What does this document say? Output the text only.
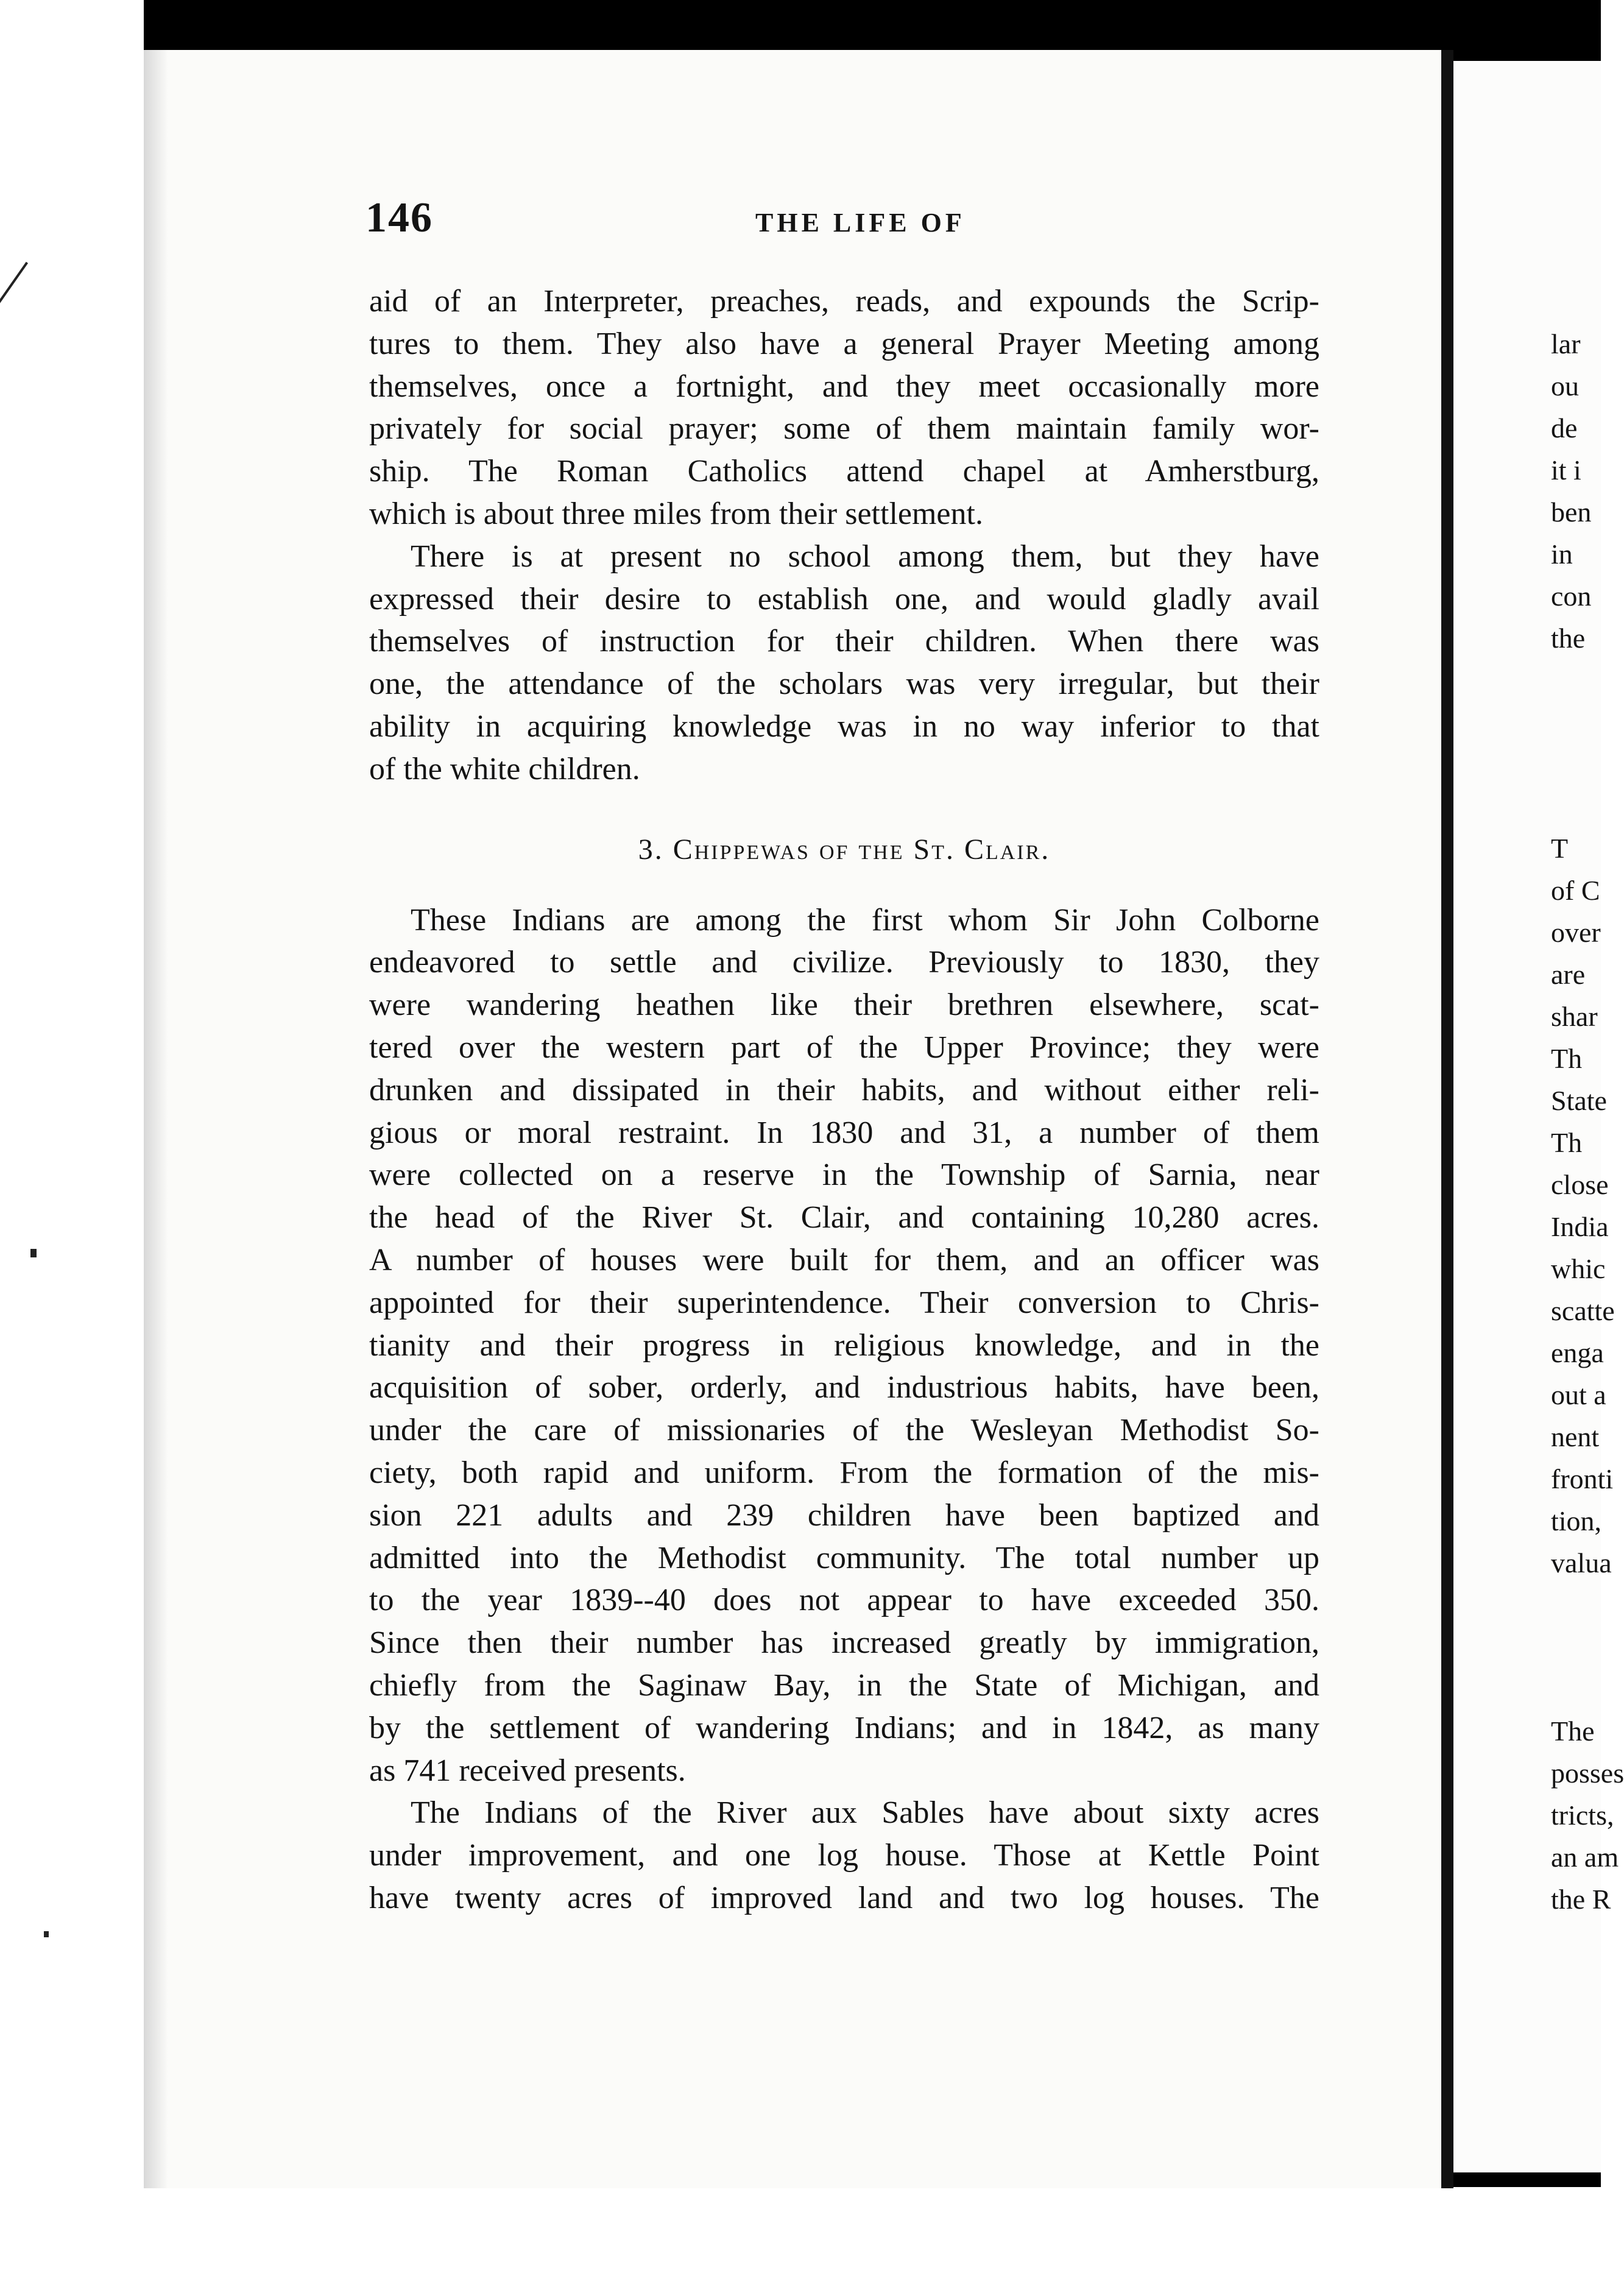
lar
ou
de
it i
ben
in
con
the
T
of C
over
are
shar
Th
State
Th
close
India
whic
scatte
enga
out a
nent
fronti
tion,
valua
The
posses
tricts,
an am
the R
146	THE LIFE OF
aid of an Interpreter, preaches, reads, and expounds the Scrip-
tures to them. They also have a general Prayer Meeting among
themselves, once a fortnight, and they meet occasionally more
privately for social prayer; some of them maintain family wor-
ship. The Roman Catholics attend chapel at Amherstburg,
which is about three miles from their settlement.
There is at present no school among them, but they have
expressed their desire to establish one, and would gladly avail
themselves of instruction for their children. When there was
one, the attendance of the scholars was very irregular, but their
ability in acquiring knowledge was in no way inferior to that
of the white children.
3. Chippewas of the St. Clair.
These Indians are among the first whom Sir John Colborne
endeavored to settle and civilize. Previously to 1830, they
were wandering heathen like their brethren elsewhere, scat-
tered over the western part of the Upper Province; they were
drunken and dissipated in their habits, and without either reli-
gious or moral restraint. In 1830 and 31, a number of them
were collected on a reserve in the Township of Sarnia, near
the head of the River St. Clair, and containing 10,280 acres.
A number of houses were built for them, and an officer was
appointed for their superintendence. Their conversion to Chris-
tianity and their progress in religious knowledge, and in the
acquisition of sober, orderly, and industrious habits, have been,
under the care of missionaries of the Wesleyan Methodist So-
ciety, both rapid and uniform. From the formation of the mis-
sion 221 adults and 239 children have been baptized and
admitted into the Methodist community. The total number up
to the year 1839--40 does not appear to have exceeded 350.
Since then their number has increased greatly by immigration,
chiefly from the Saginaw Bay, in the State of Michigan, and
by the settlement of wandering Indians; and in 1842, as many
as 741 received presents.
The Indians of the River aux Sables have about sixty acres
under improvement, and one log house. Those at Kettle Point
have twenty acres of improved land and two log houses. The
